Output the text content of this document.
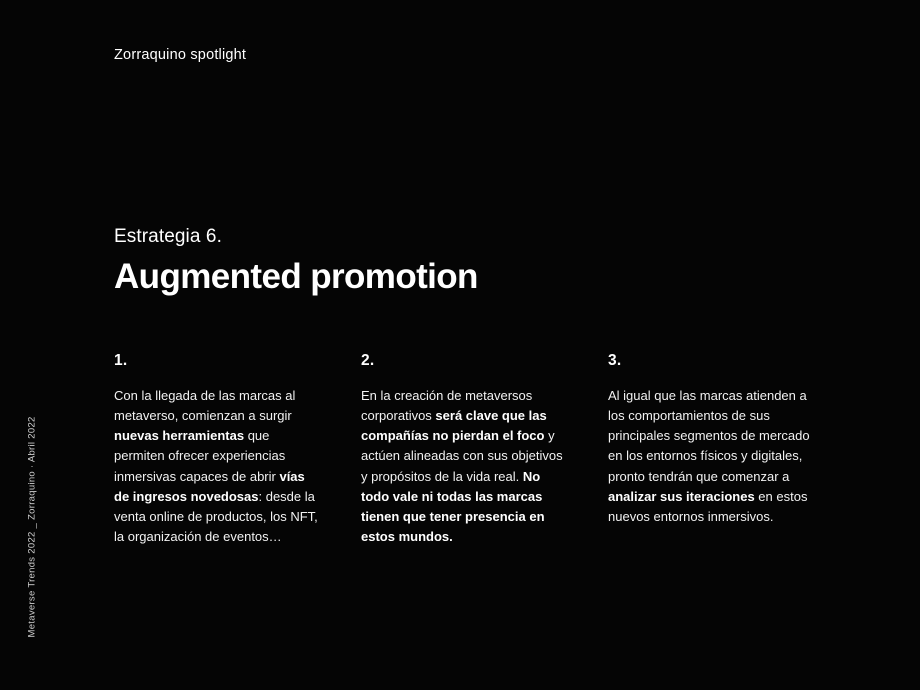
Zorraquino spotlight
Metaverse Trends 2022 _ Zorraquino · Abril 2022
Estrategia 6.
Augmented promotion
1.
Con la llegada de las marcas al metaverso, comienzan a surgir nuevas herramientas que permiten ofrecer experiencias inmersivas capaces de abrir vías de ingresos novedosas: desde la venta online de productos, los NFT, la organización de eventos…
2.
En la creación de metaversos corporativos será clave que las compañías no pierdan el foco y actúen alineadas con sus objetivos y propósitos de la vida real. No todo vale ni todas las marcas tienen que tener presencia en estos mundos.
3.
Al igual que las marcas atienden a los comportamientos de sus principales segmentos de mercado en los entornos físicos y digitales, pronto tendrán que comenzar a analizar sus iteraciones en estos nuevos entornos inmersivos.
